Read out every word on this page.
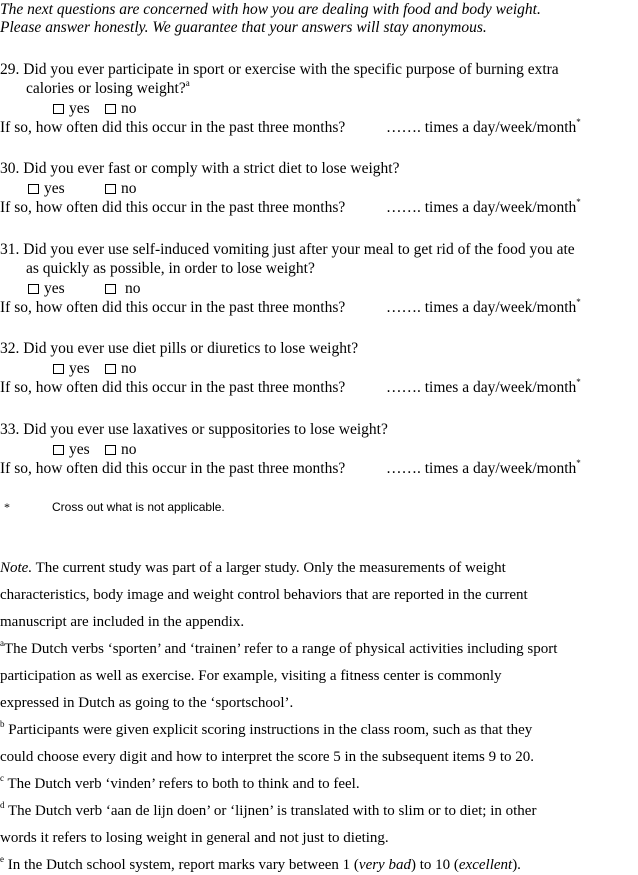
The next questions are concerned with how you are dealing with food and body weight.
Please answer honestly. We guarantee that your answers will stay anonymous.
29. Did you ever participate in sport or exercise with the specific purpose of burning extra
calories or losing weight?$^a$
yes	no
If so, how often did this occur in the past three months?	……. times a day/week/month*
30. Did you ever fast or comply with a strict diet to lose weight?
yes	no
If so, how often did this occur in the past three months?	……. times a day/week/month*
31. Did you ever use self-induced vomiting just after your meal to get rid of the food you ate
as quickly as possible, in order to lose weight?
yes	no
If so, how often did this occur in the past three months?	……. times a day/week/month*
32. Did you ever use diet pills or diuretics to lose weight?
yes	no
If so, how often did this occur in the past three months?	……. times a day/week/month*
33. Did you ever use laxatives or suppositories to lose weight?
yes	no
If so, how often did this occur in the past three months?	……. times a day/week/month*
*	Cross out what is not applicable.
Note. The current study was part of a larger study. Only the measurements of weight
characteristics, body image and weight control behaviors that are reported in the current
manuscript are included in the appendix.
$^a$The Dutch verbs ‘sporten’ and ‘trainen’ refer to a range of physical activities including sport
participation as well as exercise. For example, visiting a fitness center is commonly
expressed in Dutch as going to the ‘sportschool’.
$^b$ Participants were given explicit scoring instructions in the class room, such as that they
could choose every digit and how to interpret the score 5 in the subsequent items 9 to 20.
$^c$ The Dutch verb ‘vinden’ refers to both to think and to feel.
$^d$ The Dutch verb ‘aan de lijn doen’ or ‘lijnen’ is translated with to slim or to diet; in other
words it refers to losing weight in general and not just to dieting.
$^e$ In the Dutch school system, report marks vary between 1 (very bad) to 10 (excellent).
